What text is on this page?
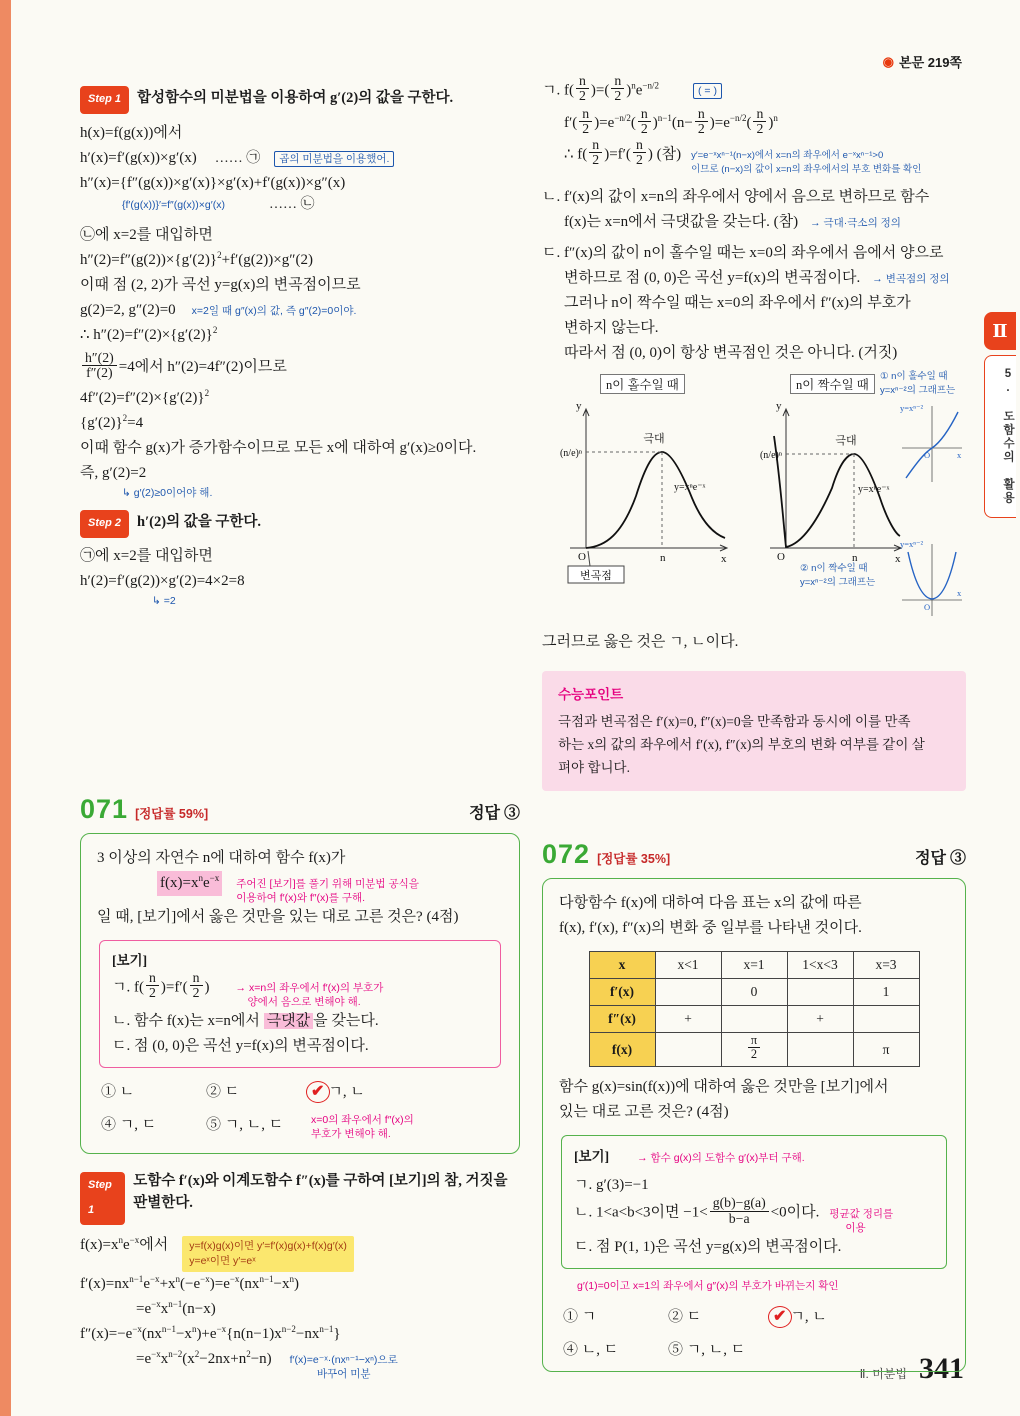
◉ 본문 219쪽
Ⅱ
5. 도함수의 활용
Ⅱ. 미분법 341
Step 1	합성함수의 미분법을 이용하여 g′(2)의 값을 구한다.
h(x)=f(g(x))에서
h′(x)=f′(g(x))×g′(x) …… ㉠	곱의 미분법을 이용했어.
h″(x)={f″(g(x))×g′(x)}×g′(x)+f′(g(x))×g″(x)
{f′(g(x))}′=f″(g(x))×g′(x)	…… ㉡
㉡에 x=2를 대입하면
$h''(2)=f''(g(2))\times\{g'(2)\}^2+f'(g(2))\times g''(2)$
이때 점 (2, 2)가 곡선 y=g(x)의 변곡점이므로
g(2)=2, g″(2)=0 x=2일 때 g″(x)의 값, 즉 g″(2)=0이야.
∴ $h''(2)=f''(2)\times\{g'(2)\}^2$
$\frac{h''(2)}{f''(2)} =4$에서 h″(2)=4f″(2)이므로
$4f''(2)=f''(2)\times\{g'(2)\}^2$
$\{g'(2)\}^2=4$
이때 함수 g(x)가 증가함수이므로 모든 x에 대하여 g′(x)≥0이다.
즉, g′(2)=2
↳ g′(2)≥0이어야 해.
Step 2	h′(2)의 값을 구한다.
㉠에 x=2를 대입하면
h′(2)=f′(g(2))×g′(2)=4×2=8
↳ =2
071 [정답률 59%]	정답 ③
3 이상의 자연수 n에 대하여 함수 f(x)가
$f(x)=x^ne^{-x}$ 주어진 [보기]를 풀기 위해 미분법 공식을
이용하여 f′(x)와 f″(x)를 구해.
일 때, [보기]에서 옳은 것만을 있는 대로 고른 것은? (4점)
[보기]
ㄱ. $f( \frac{n}{2} )=f'( \frac{n}{2}$ ) → x=n의 좌우에서 f′(x)의 부호가
양에서 음으로 변해야 해.
ㄴ. 함수 f(x)는 x=n에서 극댓값 을 갖는다.
ㄷ. 점 (0, 0)은 곡선 y=f(x)의 변곡점이다.
① ㄴ	② ㄷ	✔ ㄱ, ㄴ
④ ㄱ, ㄷ	⑤ ㄱ, ㄴ, ㄷ	x=0의 좌우에서 f″(x)의
부호가 변해야 해.
Step 1
도함수 f′(x)와 이계도함수 f″(x)를 구하여 [보기]의 참, 거짓을 판별한다.
$f(x)=x^ne^{-x}$에서 y=f(x)g(x)이면 y′=f′(x)g(x)+f(x)g′(x)
y=eˣ이면 y′=eˣ
$f'(x)=nx^{n-1}e^{-x}+x^n(-e^{-x})=e^{-x}(nx^{n-1}-x^n)$
$=e^{-x}x^{n-1}(n-x)$
$f''(x)=-e^{-x}(nx^{n-1}-x^n)+e^{-x}\{n(n-1)x^{n-2}-nx^{n-1}\}$
$=e^{-x}x^{n-2}(x^2-2nx+n^2-n)$ f′(x)=e⁻ˣ·(nxⁿ⁻¹−xⁿ)으로
바꾸어 미분
ㄱ. $f( \frac{n}{2}$ )=( $\frac{n}{2} )^ne^{-n/2}$	( = )
$f'( \frac{n}{2} )=e^{-n/2}( \frac{n}{2} )^{n-1}(n- \frac{n}{2} )=e^{-n/2}( \frac{n}{2} )^n$
∴ $f( \frac{n}{2} )=f'( \frac{n}{2}$ ) (참) y′=e⁻ˣxⁿ⁻¹(n−x)에서 x=n의 좌우에서 e⁻ˣxⁿ⁻¹>0
이므로 (n−x)의 값이 x=n의 좌우에서의 부호 변화를 확인
ㄴ. f′(x)의 값이 x=n의 좌우에서 양에서 음으로 변하므로 함수
f(x)는 x=n에서 극댓값을 갖는다. (참) → 극대·극소의 정의
ㄷ. f″(x)의 값이 n이 홀수일 때는 x=0의 좌우에서 음에서 양으로
변하므로 점 (0, 0)은 곡선 y=f(x)의 변곡점이다. → 변곡점의 정의
그러나 n이 짝수일 때는 x=0의 좌우에서 f″(x)의 부호가
변하지 않는다.
따라서 점 (0, 0)이 항상 변곡점인 것은 아니다. (거짓)
n이 홀수일 때	n이 짝수일 때
① n이 홀수일 때
y=xⁿ⁻²의 그래프는
극대
(n/e)ⁿ
y=xⁿe⁻ˣ
O	n	x
y
변곡점
극대
(n/e)ⁿ
y=xⁿe⁻ˣ
O	n	x
y	y=xⁿ⁻²
O	x
② n이 짝수일 때
y=xⁿ⁻²의 그래프는
y=xⁿ⁻²
O
x
그러므로 옳은 것은 ㄱ, ㄴ이다.
수능포인트
극점과 변곡점은 f′(x)=0, f″(x)=0을 만족함과 동시에 이를 만족
하는 x의 값의 좌우에서 f′(x), f″(x)의 부호의 변화 여부를 같이 살
펴야 합니다.
072 [정답률 35%]	정답 ③
다항함수 f(x)에 대하여 다음 표는 x의 값에 따른
f(x), f′(x), f″(x)의 변화 중 일부를 나타낸 것이다.
x	x<1	x=1	1<x<3	x=3
f′(x)		0		1
f″(x)	+		+	
f(x)		$\frac{\pi}{2}$		π
함수 g(x)=sin(f(x))에 대하여 옳은 것만을 [보기]에서
있는 대로 고른 것은? (4점)
[보기]	→ 함수 g(x)의 도함수 g′(x)부터 구해.
ㄱ. g′(3)=−1
ㄴ. 1<a<b<3이면 $-1< \frac{g(b)-g(a)}{b-a} <0$이다. 평균값 정리를
이용
ㄷ. 점 P(1, 1)은 곡선 y=g(x)의 변곡점이다.
g′(1)=0이고 x=1의 좌우에서 g″(x)의 부호가 바뀌는지 확인
① ㄱ	② ㄷ	✔ ㄱ, ㄴ
④ ㄴ, ㄷ	⑤ ㄱ, ㄴ, ㄷ
